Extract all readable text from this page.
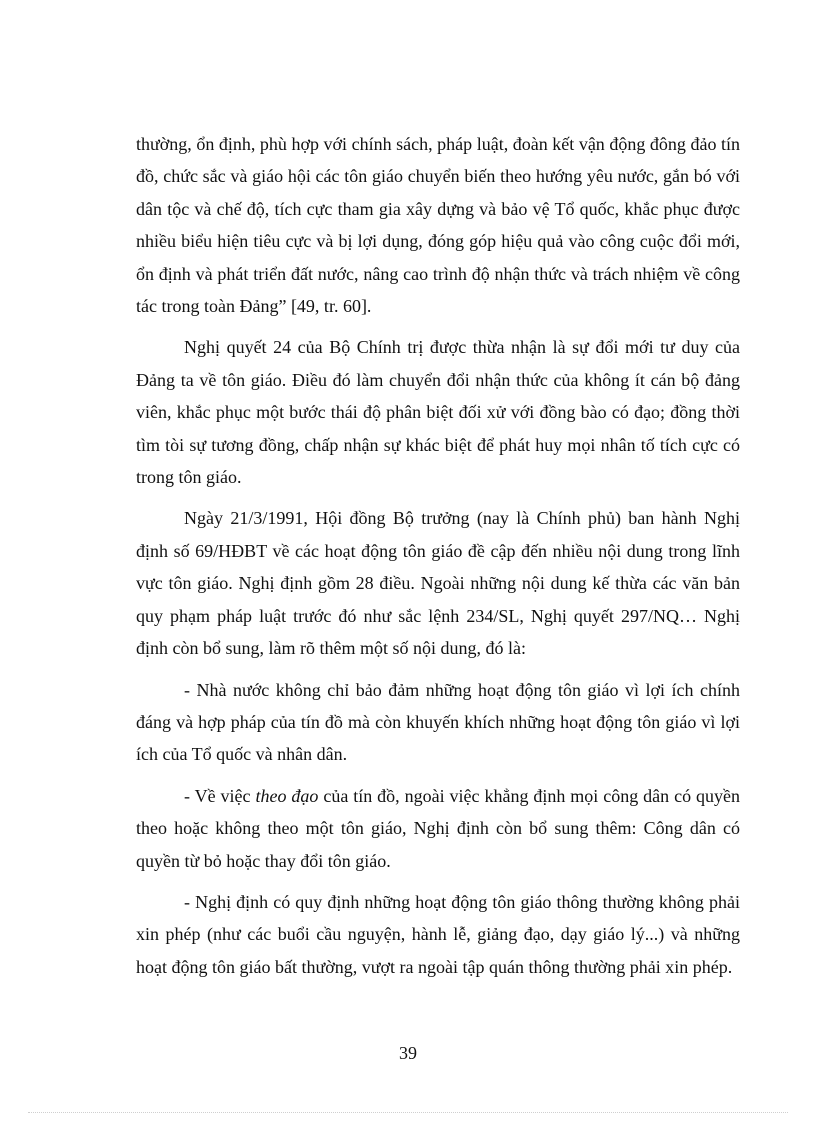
thường, ổn định, phù hợp với chính sách, pháp luật, đoàn kết vận động đông đảo tín đồ, chức sắc và giáo hội các tôn giáo chuyển biến theo hướng yêu nước, gắn bó với dân tộc và chế độ, tích cực tham gia xây dựng và bảo vệ Tổ quốc, khắc phục được nhiều biểu hiện tiêu cực và bị lợi dụng, đóng góp hiệu quả vào công cuộc đổi mới, ổn định và phát triển đất nước, nâng cao trình độ nhận thức và trách nhiệm về công tác trong toàn Đảng” [49, tr. 60].

Nghị quyết 24 của Bộ Chính trị được thừa nhận là sự đổi mới tư duy của Đảng ta về tôn giáo. Điều đó làm chuyển đổi nhận thức của không ít cán bộ đảng viên, khắc phục một bước thái độ phân biệt đối xử với đồng bào có đạo; đồng thời tìm tòi sự tương đồng, chấp nhận sự khác biệt để phát huy mọi nhân tố tích cực có trong tôn giáo.

Ngày 21/3/1991, Hội đồng Bộ trưởng (nay là Chính phủ) ban hành Nghị định số 69/HĐBT về các hoạt động tôn giáo đề cập đến nhiều nội dung trong lĩnh vực tôn giáo. Nghị định gồm 28 điều. Ngoài những nội dung kế thừa các văn bản quy phạm pháp luật trước đó như sắc lệnh 234/SL, Nghị quyết 297/NQ… Nghị định còn bổ sung, làm rõ thêm một số nội dung, đó là:

- Nhà nước không chỉ bảo đảm những hoạt động tôn giáo vì lợi ích chính đáng và hợp pháp của tín đồ mà còn khuyến khích những hoạt động tôn giáo vì lợi ích của Tổ quốc và nhân dân.

- Về việc theo đạo của tín đồ, ngoài việc khẳng định mọi công dân có quyền theo hoặc không theo một tôn giáo, Nghị định còn bổ sung thêm: Công dân có quyền từ bỏ hoặc thay đổi tôn giáo.

- Nghị định có quy định những hoạt động tôn giáo thông thường không phải xin phép (như các buổi cầu nguyện, hành lễ, giảng đạo, dạy giáo lý...) và những hoạt động tôn giáo bất thường, vượt ra ngoài tập quán thông thường phải xin phép.

39
